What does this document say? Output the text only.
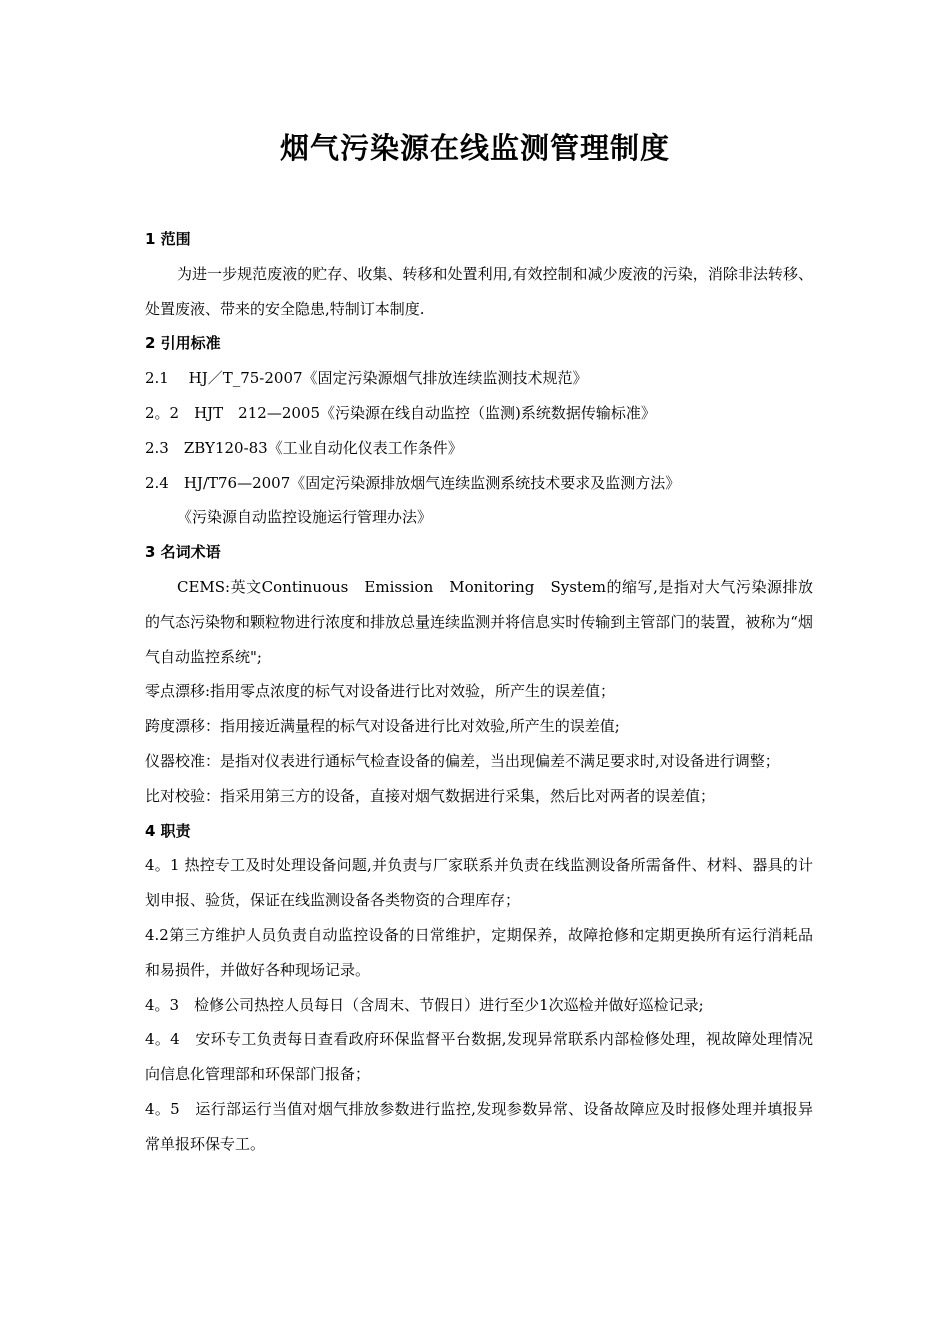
烟气污染源在线监测管理制度

1 范围

为进一步规范废液的贮存、收集、转移和处置利用,有效控制和减少废液的污染，消除非法转移、处置废液、带来的安全隐患,特制订本制度.

2 引用标准

2.1　 HJ／T_75-2007《固定污染源烟气排放连续监测技术规范》

2。2　HJT　212—2005《污染源在线自动监控（监测)系统数据传输标准》

2.3　ZBY120-83《工业自动化仪表工作条件》

2.4　HJ/T76—2007《固定污染源排放烟气连续监测系统技术要求及监测方法》

《污染源自动监控设施运行管理办法》

3 名词术语

CEMS:英文Continuous　Emission　Monitoring　System的缩写,是指对大气污染源排放的气态污染物和颗粒物进行浓度和排放总量连续监测并将信息实时传输到主管部门的装置，被称为“烟气自动监控系统";

零点漂移:指用零点浓度的标气对设备进行比对效验，所产生的误差值；

跨度漂移：指用接近满量程的标气对设备进行比对效验,所产生的误差值;

仪器校准：是指对仪表进行通标气检查设备的偏差，当出现偏差不满足要求时,对设备进行调整；

比对校验：指采用第三方的设备，直接对烟气数据进行采集，然后比对两者的误差值；

4 职责

4。1 热控专工及时处理设备问题,并负责与厂家联系并负责在线监测设备所需备件、材料、器具的计划申报、验货，保证在线监测设备各类物资的合理库存；

4.2第三方维护人员负责自动监控设备的日常维护，定期保养，故障抢修和定期更换所有运行消耗品和易损件，并做好各种现场记录。

4。3　检修公司热控人员每日（含周末、节假日）进行至少1次巡检并做好巡检记录;

4。4　安环专工负责每日查看政府环保监督平台数据,发现异常联系内部检修处理，视故障处理情况向信息化管理部和环保部门报备；

4。5　运行部运行当值对烟气排放参数进行监控,发现参数异常、设备故障应及时报修处理并填报异常单报环保专工。
